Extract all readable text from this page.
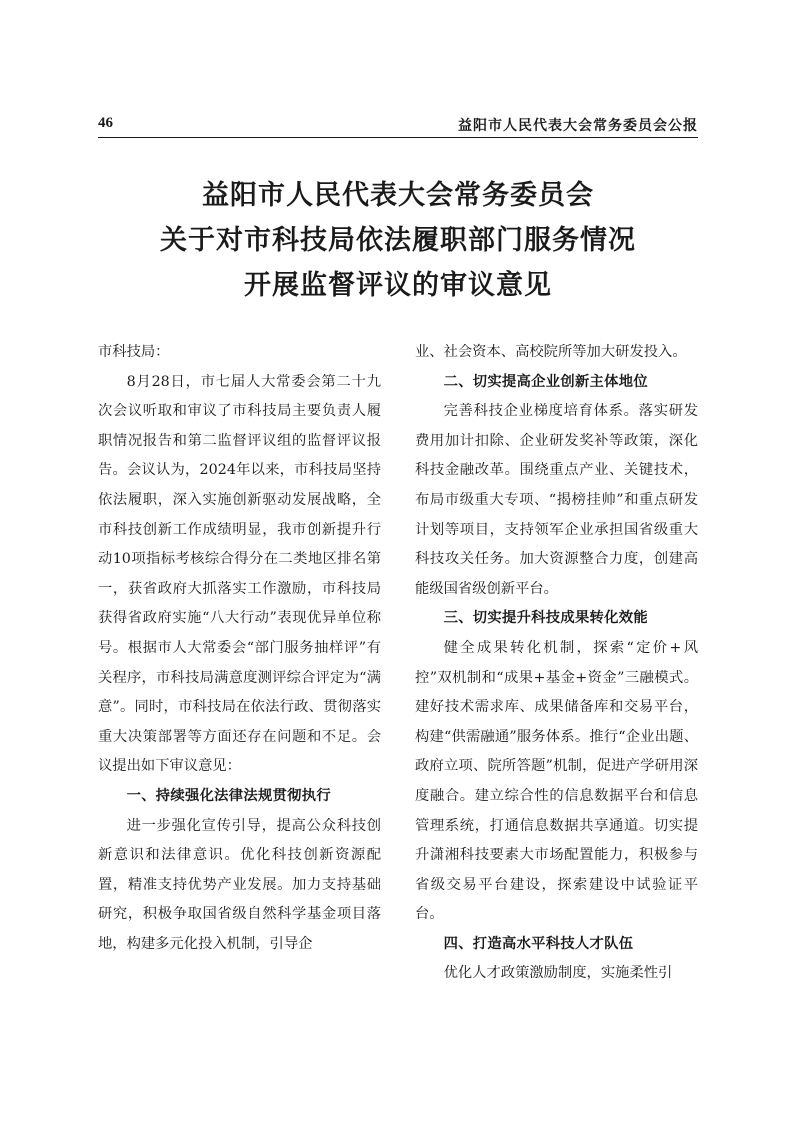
46	益阳市人民代表大会常务委员会公报
益阳市人民代表大会常务委员会
关于对市科技局依法履职部门服务情况
开展监督评议的审议意见

市科技局：

8月28日，市七届人大常委会第二十九次会议听取和审议了市科技局主要负责人履职情况报告和第二监督评议组的监督评议报告。会议认为，2024年以来，市科技局坚持依法履职，深入实施创新驱动发展战略，全市科技创新工作成绩明显，我市创新提升行动10项指标考核综合得分在二类地区排名第一，获省政府大抓落实工作激励，市科技局获得省政府实施“八大行动”表现优异单位称号。根据市人大常委会“部门服务抽样评”有关程序，市科技局满意度测评综合评定为“满意”。同时，市科技局在依法行政、贯彻落实重大决策部署等方面还存在问题和不足。会议提出如下审议意见：

一、持续强化法律法规贯彻执行

进一步强化宣传引导，提高公众科技创新意识和法律意识。优化科技创新资源配置，精准支持优势产业发展。加力支持基础研究，积极争取国省级自然科学基金项目落地，构建多元化投入机制，引导企

业、社会资本、高校院所等加大研发投入。

二、切实提高企业创新主体地位

完善科技企业梯度培育体系。落实研发费用加计扣除、企业研发奖补等政策，深化科技金融改革。围绕重点产业、关键技术，布局市级重大专项、“揭榜挂帅”和重点研发计划等项目，支持领军企业承担国省级重大科技攻关任务。加大资源整合力度，创建高能级国省级创新平台。

三、切实提升科技成果转化效能

健全成果转化机制，探索“定价+风控”双机制和“成果+基金+资金”三融模式。建好技术需求库、成果储备库和交易平台，构建“供需融通”服务体系。推行“企业出题、政府立项、院所答题”机制，促进产学研用深度融合。建立综合性的信息数据平台和信息管理系统，打通信息数据共享通道。切实提升潇湘科技要素大市场配置能力，积极参与省级交易平台建设，探索建设中试验证平台。

四、打造高水平科技人才队伍

优化人才政策激励制度，实施柔性引
